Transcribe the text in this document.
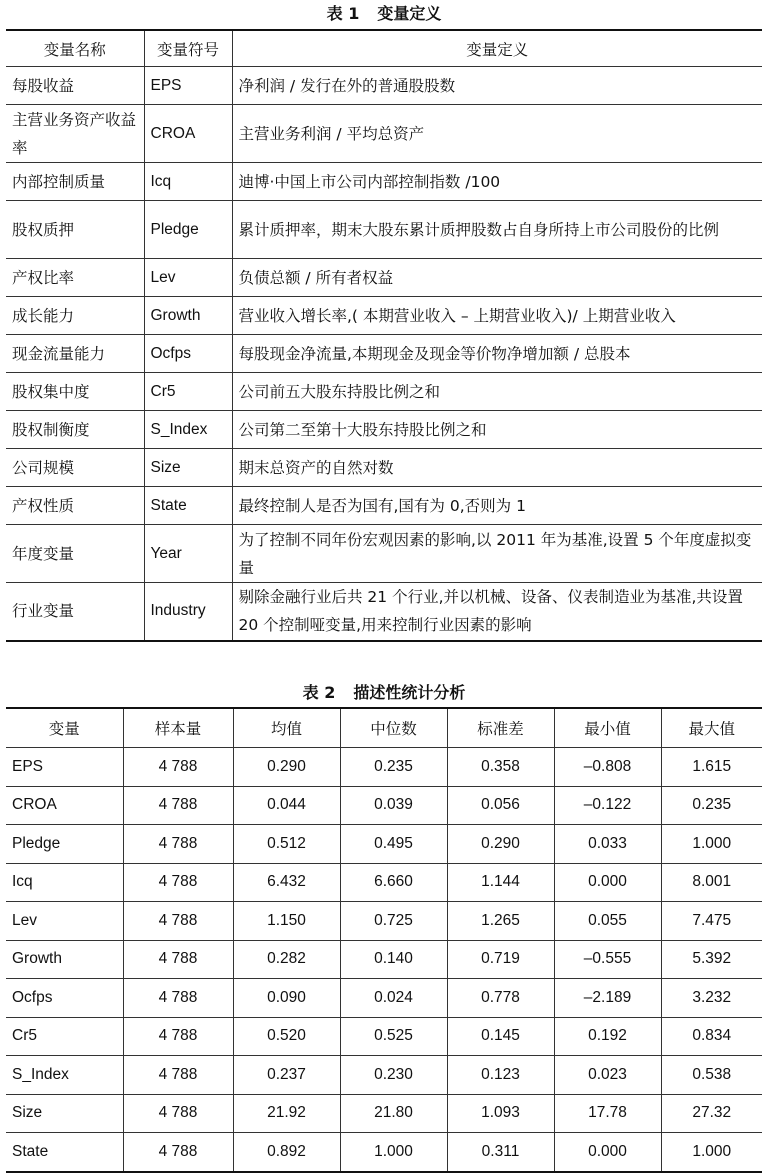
表 1 变量定义
变量名称	变量符号	变量定义
每股收益	EPS	净利润 / 发行在外的普通股股数
主营业务资产收益率	CROA	主营业务利润 / 平均总资产
内部控制质量	Icq	迪博·中国上市公司内部控制指数 /100
股权质押	Pledge	累计质押率，期末大股东累计质押股数占自身所持上市公司股份的比例
产权比率	Lev	负债总额 / 所有者权益
成长能力	Growth	营业收入增长率,( 本期营业收入 – 上期营业收入)/ 上期营业收入
现金流量能力	Ocfps	每股现金净流量,本期现金及现金等价物净增加额 / 总股本
股权集中度	Cr5	公司前五大股东持股比例之和
股权制衡度	S_Index	公司第二至第十大股东持股比例之和
公司规模	Size	期末总资产的自然对数
产权性质	State	最终控制人是否为国有,国有为 0,否则为 1
年度变量	Year	为了控制不同年份宏观因素的影响,以 2011 年为基准,设置 5 个年度虚拟变量
行业变量	Industry	剔除金融行业后共 21 个行业,并以机械、设备、仪表制造业为基准,共设置 20 个控制哑变量,用来控制行业因素的影响
表 2 描述性统计分析
变量	样本量	均值	中位数	标准差	最小值	最大值
EPS	4 788	0.290	0.235	0.358	–0.808	1.615
CROA	4 788	0.044	0.039	0.056	–0.122	0.235
Pledge	4 788	0.512	0.495	0.290	0.033	1.000
Icq	4 788	6.432	6.660	1.144	0.000	8.001
Lev	4 788	1.150	0.725	1.265	0.055	7.475
Growth	4 788	0.282	0.140	0.719	–0.555	5.392
Ocfps	4 788	0.090	0.024	0.778	–2.189	3.232
Cr5	4 788	0.520	0.525	0.145	0.192	0.834
S_Index	4 788	0.237	0.230	0.123	0.023	0.538
Size	4 788	21.92	21.80	1.093	17.78	27.32
State	4 788	0.892	1.000	0.311	0.000	1.000
